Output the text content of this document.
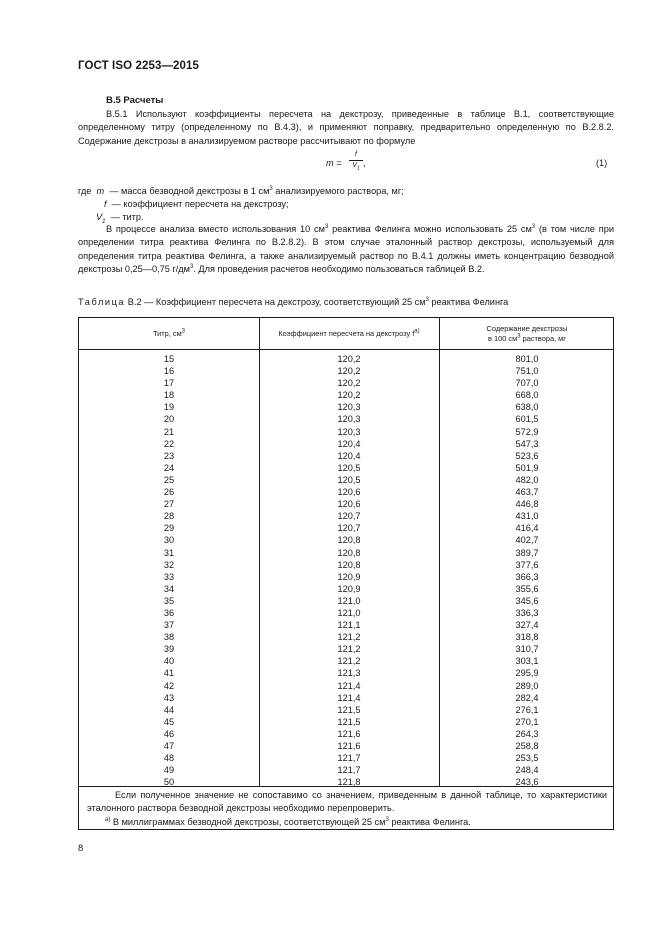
ГОСТ ISO 2253—2015
В.5 Расчеты
В.5.1 Используют коэффициенты пересчета на декстрозу, приведенные в таблице В.1, соответствующие определенному титру (определенному по В.4.3), и применяют поправку, предварительно определенную по В.2.8.2. Содержание декстрозы в анализируемом растворе рассчитывают по формуле
m =
f
$V_1$
,	(1)
где m — масса безводной декстрозы в 1 $см^3$ анализируемого раствора, мг;
f — коэффициент пересчета на декстрозу;
$V_1$ — титр.
В процессе анализа вместо использования 10 $см^3$ реактива Фелинга можно использовать 25 $см^3$ (в том числе при определении титра реактива Фелинга по В.2.8.2). В этом случае эталонный раствор декстрозы, используемый для определения титра реактива Фелинга, а также анализируемый раствор по В.4.1 должны иметь концентрацию безводной декстрозы 0,25—0,75 $г/дм^3$. Для проведения расчетов необходимо пользоваться таблицей В.2.
Таблица В.2 — Коэффициент пересчета на декстрозу, соответствующий 25 $см^3$ реактива Фелинга
Титр, $см^3$	Коэффициент пересчета на декстрозу $f^{а)}$	Содержание декстрозы
в 100 $см^3$ раствора, мг
15	120,2	801,0
16	120,2	751,0
17	120,2	707,0
18	120,2	668,0
19	120,3	638,0
20	120,3	601,5
21	120,3	572,9
22	120,4	547,3
23	120,4	523,6
24	120,5	501,9
25	120,5	482,0
26	120,6	463,7
27	120,6	446,8
28	120,7	431,0
29	120,7	416,4
30	120,8	402,7
31	120,8	389,7
32	120,8	377,6
33	120,9	366,3
34	120,9	355,6
35	121,0	345,6
36	121,0	336,3
37	121,1	327,4
38	121,2	318,8
39	121,2	310,7
40	121,2	303,1
41	121,3	295,9
42	121,4	289,0
43	121,4	282,4
44	121,5	276,1
45	121,5	270,1
46	121,6	264,3
47	121,6	258,8
48	121,7	253,5
49	121,7	248,4
50	121,8	243,6
Если полученное значение не сопоставимо со значением, приведенным в данной таблице, то характеристики эталонного раствора безводной декстрозы необходимо перепроверить.
$^{а)}$ В миллиграммах безводной декстрозы, соответствующей 25 $см^3$ реактива Фелинга.
8
